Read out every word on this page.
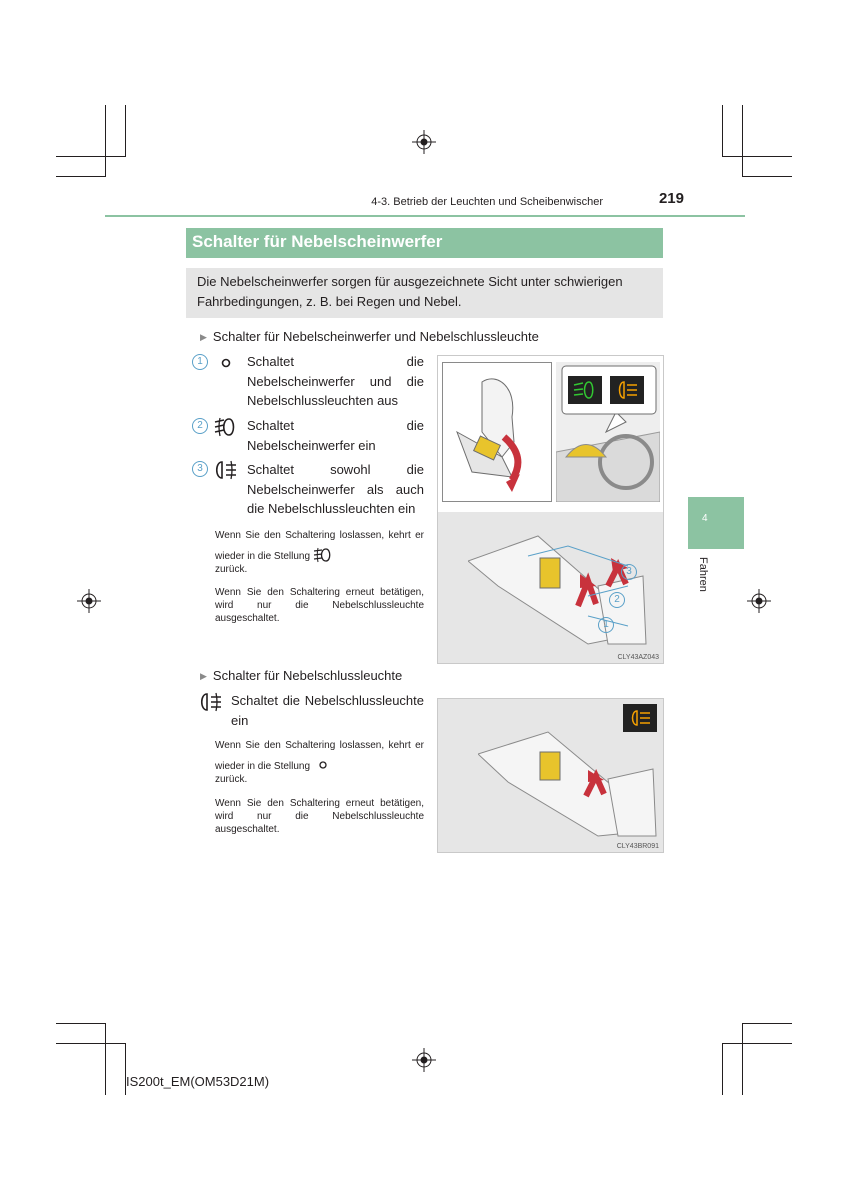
4-3. Betrieb der Leuchten und Scheibenwischer	219
Schalter für Nebelscheinwerfer

Die Nebelscheinwerfer sorgen für ausgezeichnete Sicht unter schwierigen Fahrbedingungen, z. B. bei Regen und Nebel.

▶ Schalter für Nebelscheinwerfer und Nebelschlussleuchte
1	Schaltet die Nebelscheinwerfer und die Nebelschlussleuchten aus
2	Schaltet die Nebelscheinwerfer ein
3	Schaltet sowohl die Nebelscheinwerfer als auch die Nebelschlussleuchten ein
Wenn Sie den Schaltering loslassen, kehrt er wieder in die Stellung
zurück.
Wenn Sie den Schaltering erneut betätigen, wird nur die Nebelschlussleuchte ausgeschaltet.
3
2
1
CLY43AZ043
▶ Schalter für Nebelschlussleuchte
Schaltet die Nebelschlussleuchte ein
Wenn Sie den Schaltering loslassen, kehrt er wieder in die Stellung
zurück.
Wenn Sie den Schaltering erneut betätigen, wird nur die Nebelschlussleuchte ausgeschaltet.
CLY43BR091
4
Fahren
IS200t_EM(OM53D21M)
